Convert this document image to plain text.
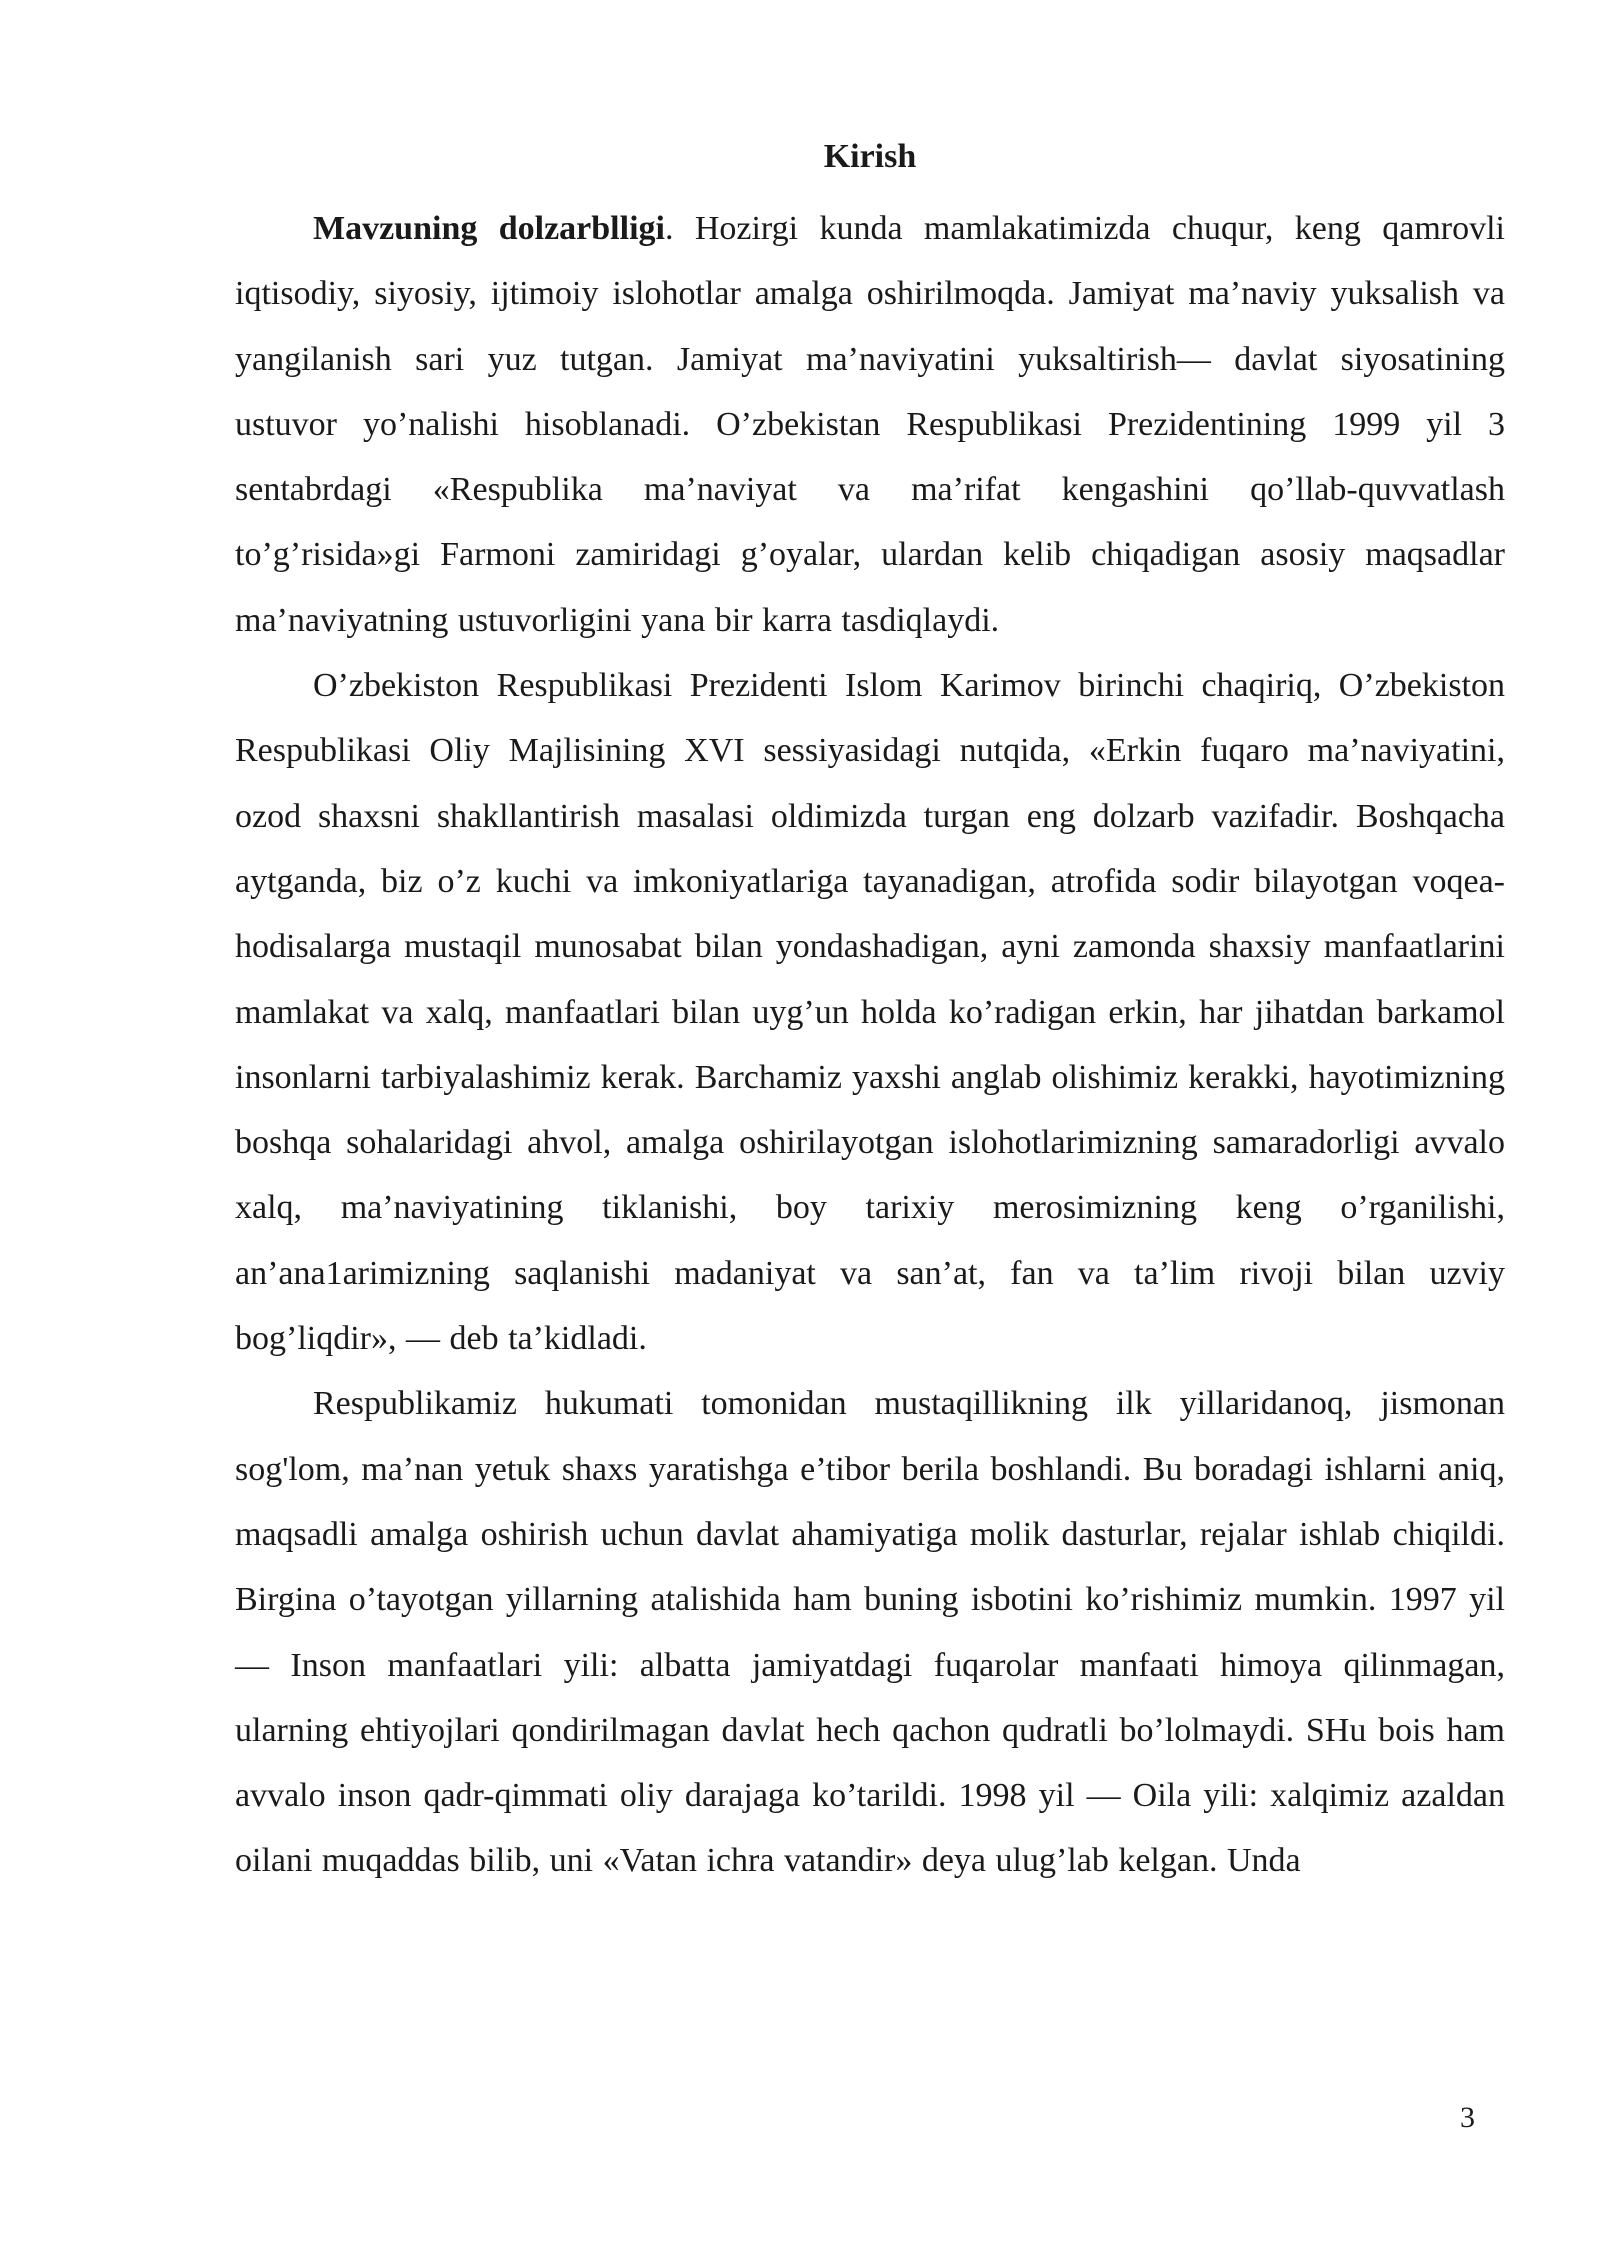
Kirish

Mavzuning dolzarblligi. Hozirgi kunda mamlakatimizda chuqur, keng qamrovli iqtisodiy, siyosiy, ijtimoiy islohotlar amalga oshirilmoqda. Jamiyat ma’naviy yuksalish va yangilanish sari yuz tutgan. Jamiyat ma’naviyatini yuksaltirish— davlat siyosatining ustuvor yo’nalishi hisoblanadi. O’zbekistan Respublikasi Prezidentining 1999 yil 3 sentabrdagi «Respublika ma’naviyat va ma’rifat kengashini qo’llab-quvvatlash to’g’risida»gi Farmoni zamiridagi g’oyalar, ulardan kelib chiqadigan asosiy maqsadlar ma’naviyatning ustuvorligini yana bir karra tasdiqlaydi.

O’zbekiston Respublikasi Prezidenti Islom Karimov birinchi chaqiriq, O’zbekiston Respublikasi Oliy Majlisining XVI sessiyasidagi nutqida, «Erkin fuqaro ma’naviyatini, ozod shaxsni shakllantirish masalasi oldimizda turgan eng dolzarb vazifadir. Boshqacha aytganda, biz o’z kuchi va imkoniyatlariga tayanadigan, atrofida sodir bilayotgan voqea-hodisalarga mustaqil munosabat bilan yondashadigan, ayni zamonda shaxsiy manfaatlarini mamlakat va xalq, manfaatlari bilan uyg’un holda ko’radigan erkin, har jihatdan barkamol insonlarni tarbiyalashimiz kerak. Barchamiz yaxshi anglab olishimiz kerakki, hayotimizning boshqa sohalaridagi ahvol, amalga oshirilayotgan islohotlarimizning samaradorligi avvalo xalq, ma’naviyatining tiklanishi, boy tarixiy merosimizning keng o’rganilishi, an’ana1arimizning saqlanishi madaniyat va san’at, fan va ta’lim rivoji bilan uzviy bog’liqdir», — deb ta’kidladi.

Respublikamiz hukumati tomonidan mustaqillikning ilk yillaridanoq, jismonan sog'lom, ma’nan yetuk shaxs yaratishga e’tibor berila boshlandi. Bu boradagi ishlarni aniq, maqsadli amalga oshirish uchun davlat ahamiyatiga molik dasturlar, rejalar ishlab chiqildi. Birgina o’tayotgan yillarning atalishida ham buning isbotini ko’rishimiz mumkin. 1997 yil— Inson manfaatlari yili: albatta jamiyatdagi fuqarolar manfaati himoya qilinmagan, ularning ehtiyojlari qondirilmagan davlat hech qachon qudratli bo’lolmaydi. SHu bois ham avvalo inson qadr-qimmati oliy darajaga ko’tarildi. 1998 yil — Oila yili: xalqimiz azaldan oilani muqaddas bilib, uni «Vatan ichra vatandir» deya ulug’lab kelgan. Unda

3
